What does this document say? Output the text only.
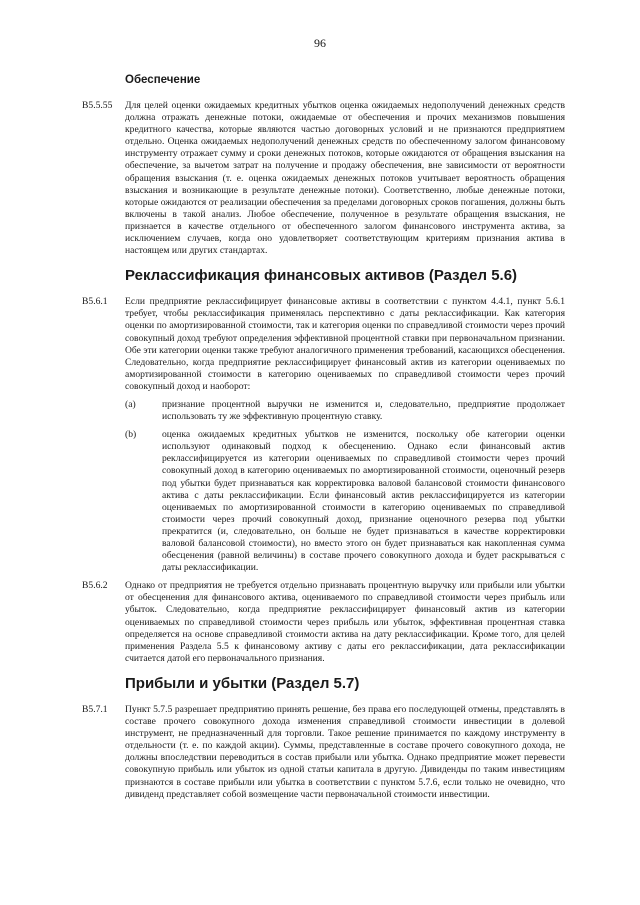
96
Обеспечение
B5.5.55	Для целей оценки ожидаемых кредитных убытков оценка ожидаемых недополучений денежных средств должна отражать денежные потоки, ожидаемые от обеспечения и прочих механизмов повышения кредитного качества, которые являются частью договорных условий и не признаются предприятием отдельно. Оценка ожидаемых недополучений денежных средств по обеспеченному залогом финансовому инструменту отражает сумму и сроки денежных потоков, которые ожидаются от обращения взыскания на обеспечение, за вычетом затрат на получение и продажу обеспечения, вне зависимости от вероятности обращения взыскания (т. е. оценка ожидаемых денежных потоков учитывает вероятность обращения взыскания и возникающие в результате денежные потоки). Соответственно, любые денежные потоки, которые ожидаются от реализации обеспечения за пределами договорных сроков погашения, должны быть включены в такой анализ. Любое обеспечение, полученное в результате обращения взыскания, не признается в качестве отдельного от обеспеченного залогом финансового инструмента актива, за исключением случаев, когда оно удовлетворяет соответствующим критериям признания актива в настоящем или других стандартах.
Реклассификация финансовых активов (Раздел 5.6)
B5.6.1	Если предприятие реклассифицирует финансовые активы в соответствии с пунктом 4.4.1, пункт 5.6.1 требует, чтобы реклассификация применялась перспективно с даты реклассификации. Как категория оценки по амортизированной стоимости, так и категория оценки по справедливой стоимости через прочий совокупный доход требуют определения эффективной процентной ставки при первоначальном признании. Обе эти категории оценки также требуют аналогичного применения требований, касающихся обесценения. Следовательно, когда предприятие реклассифицирует финансовый актив из категории оцениваемых по амортизированной стоимости в категорию оцениваемых по справедливой стоимости через прочий совокупный доход и наоборот:
(a)	признание процентной выручки не изменится и, следовательно, предприятие продолжает использовать ту же эффективную процентную ставку.
(b)	оценка ожидаемых кредитных убытков не изменится, поскольку обе категории оценки используют одинаковый подход к обесценению. Однако если финансовый актив реклассифицируется из категории оцениваемых по справедливой стоимости через прочий совокупный доход в категорию оцениваемых по амортизированной стоимости, оценочный резерв под убытки будет признаваться как корректировка валовой балансовой стоимости финансового актива с даты реклассификации. Если финансовый актив реклассифицируется из категории оцениваемых по амортизированной стоимости в категорию оцениваемых по справедливой стоимости через прочий совокупный доход, признание оценочного резерва под убытки прекратится (и, следовательно, он больше не будет признаваться в качестве корректировки валовой балансовой стоимости), но вместо этого он будет признаваться как накопленная сумма обесценения (равной величины) в составе прочего совокупного дохода и будет раскрываться с даты реклассификации.
B5.6.2	Однако от предприятия не требуется отдельно признавать процентную выручку или прибыли или убытки от обесценения для финансового актива, оцениваемого по справедливой стоимости через прибыль или убыток. Следовательно, когда предприятие реклассифицирует финансовый актив из категории оцениваемых по справедливой стоимости через прибыль или убыток, эффективная процентная ставка определяется на основе справедливой стоимости актива на дату реклассификации. Кроме того, для целей применения Раздела 5.5 к финансовому активу с даты его реклассификации, дата реклассификации считается датой его первоначального признания.
Прибыли и убытки (Раздел 5.7)
B5.7.1	Пункт 5.7.5 разрешает предприятию принять решение, без права его последующей отмены, представлять в составе прочего совокупного дохода изменения справедливой стоимости инвестиции в долевой инструмент, не предназначенный для торговли. Такое решение принимается по каждому инструменту в отдельности (т. е. по каждой акции). Суммы, представленные в составе прочего совокупного дохода, не должны впоследствии переводиться в состав прибыли или убытка. Однако предприятие может перевести совокупную прибыль или убыток из одной статьи капитала в другую. Дивиденды по таким инвестициям признаются в составе прибыли или убытка в соответствии с пунктом 5.7.6, если только не очевидно, что дивиденд представляет собой возмещение части первоначальной стоимости инвестиции.
